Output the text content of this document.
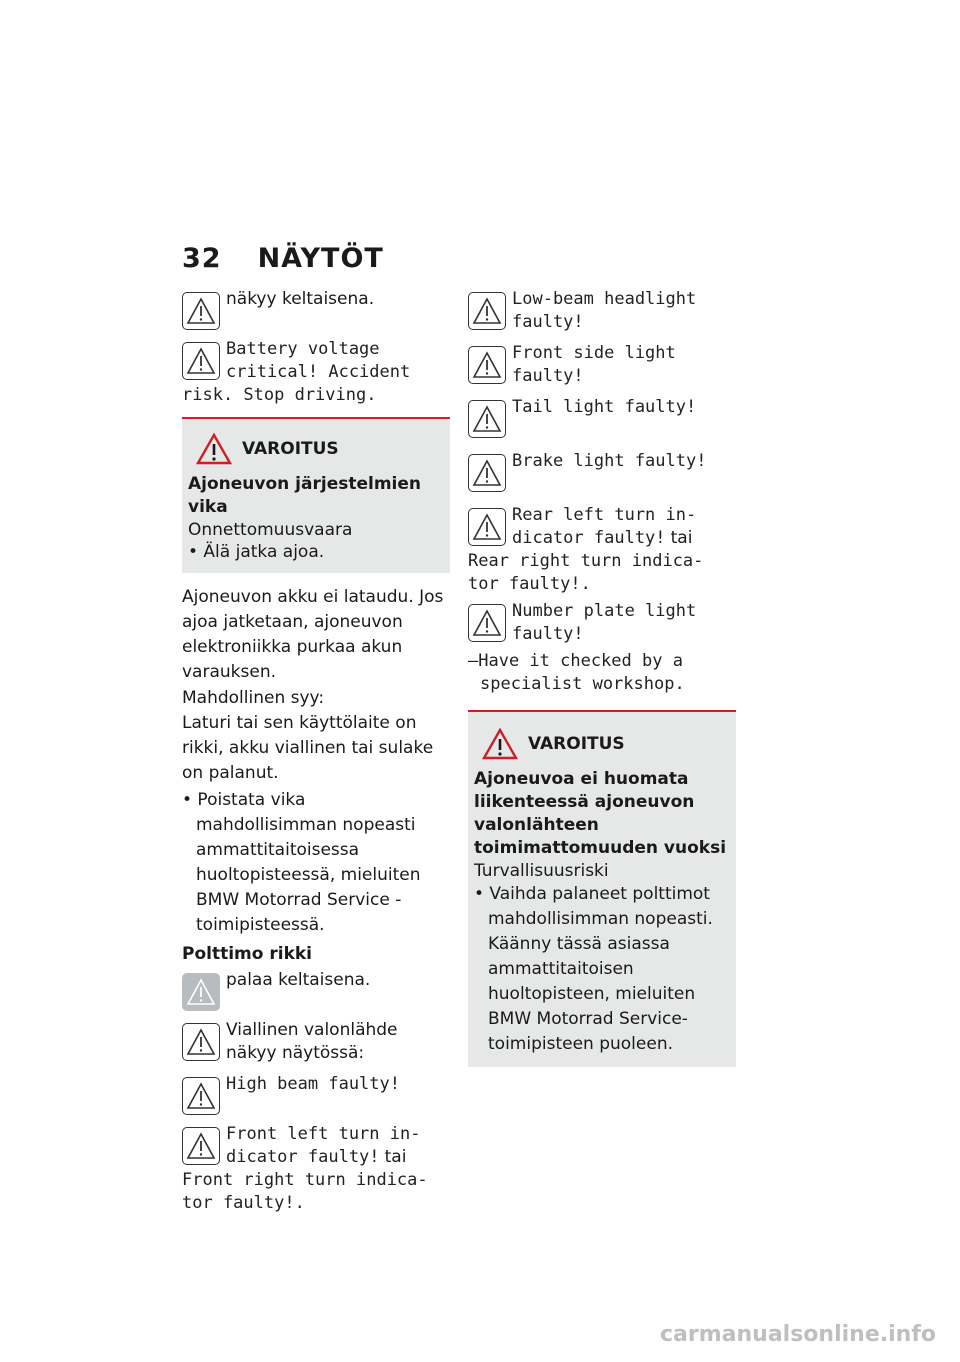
32 NÄYTÖT
näkyy keltaisena.
Battery voltage
critical! Accident
risk. Stop driving.
VAROITUS
Ajoneuvon järjestelmien vika
Onnettomuusvaara
• Älä jatka ajoa.
Ajoneuvon akku ei lataudu. Jos ajoa jatketaan, ajoneuvon elektroniikka purkaa akun varauksen.
Mahdollinen syy:
Laturi tai sen käyttölaite on rikki, akku viallinen tai sulake on palanut.
• Poistata vika mahdollisimman nopeasti ammattitaitoisessa huoltopisteessä, mieluiten BMW Motorrad Service -toimipisteessä.
Polttimo rikki
palaa keltaisena.
Viallinen valonlähde näkyy näytössä:
High beam faulty!
Front left turn in-
dicator faulty! tai
Front right turn indica-
tor faulty!.
Low-beam headlight
faulty!
Front side light
faulty!
Tail light faulty!
Brake light faulty!
Rear left turn in-
dicator faulty! tai
Rear right turn indica-
tor faulty!.
Number plate light
faulty!
–Have it checked by a
specialist workshop.
VAROITUS
Ajoneuvoa ei huomata liikenteessä ajoneuvon valonlähteen toimimattomuuden vuoksi
Turvallisuusriski
• Vaihda palaneet polttimot mahdollisimman nopeasti. Käänny tässä asiassa ammattitaitoisen huoltopisteen, mieluiten BMW Motorrad Service-toimipisteen puoleen.
carmanualsonline.info
